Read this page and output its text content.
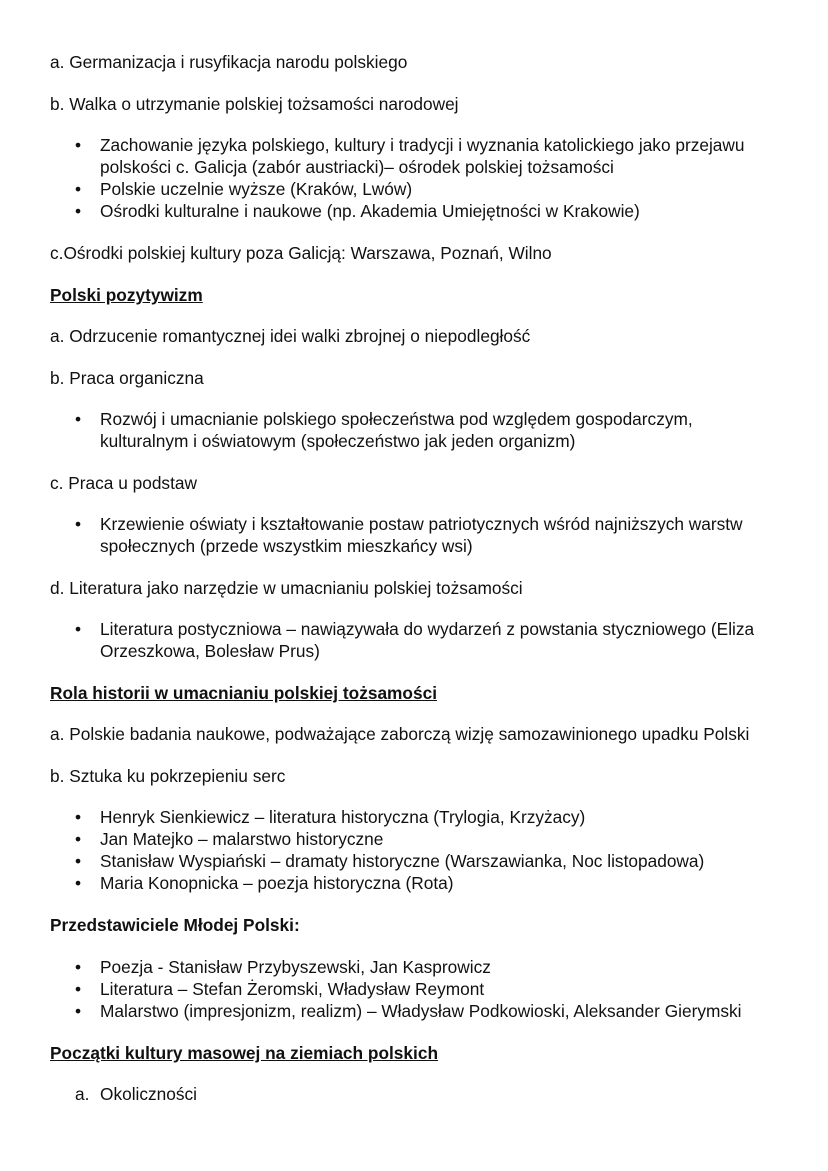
a. Germanizacja i rusyfikacja narodu polskiego
b. Walka o utrzymanie polskiej tożsamości narodowej
• Zachowanie języka polskiego, kultury i tradycji i wyznania katolickiego jako przejawu
polskości c. Galicja (zabór austriacki)– ośrodek polskiej tożsamości
• Polskie uczelnie wyższe (Kraków, Lwów)
• Ośrodki kulturalne i naukowe (np. Akademia Umiejętności w Krakowie)
c.Ośrodki polskiej kultury poza Galicją: Warszawa, Poznań, Wilno
Polski pozytywizm
a. Odrzucenie romantycznej idei walki zbrojnej o niepodległość
b. Praca organiczna
• Rozwój i umacnianie polskiego społeczeństwa pod względem gospodarczym,
kulturalnym i oświatowym (społeczeństwo jak jeden organizm)
c. Praca u podstaw
• Krzewienie oświaty i kształtowanie postaw patriotycznych wśród najniższych warstw
społecznych (przede wszystkim mieszkańcy wsi)
d. Literatura jako narzędzie w umacnianiu polskiej tożsamości
• Literatura postyczniowa – nawiązywała do wydarzeń z powstania styczniowego (Eliza
Orzeszkowa, Bolesław Prus)
Rola historii w umacnianiu polskiej tożsamości
a. Polskie badania naukowe, podważające zaborczą wizję samozawinionego upadku Polski
b. Sztuka ku pokrzepieniu serc
• Henryk Sienkiewicz – literatura historyczna (Trylogia, Krzyżacy)
• Jan Matejko – malarstwo historyczne
• Stanisław Wyspiański – dramaty historyczne (Warszawianka, Noc listopadowa)
• Maria Konopnicka – poezja historyczna (Rota)
Przedstawiciele Młodej Polski:
• Poezja - Stanisław Przybyszewski, Jan Kasprowicz
• Literatura – Stefan Żeromski, Władysław Reymont
• Malarstwo (impresjonizm, realizm) – Władysław Podkowioski, Aleksander Gierymski
Początki kultury masowej na ziemiach polskich
a. Okoliczności
